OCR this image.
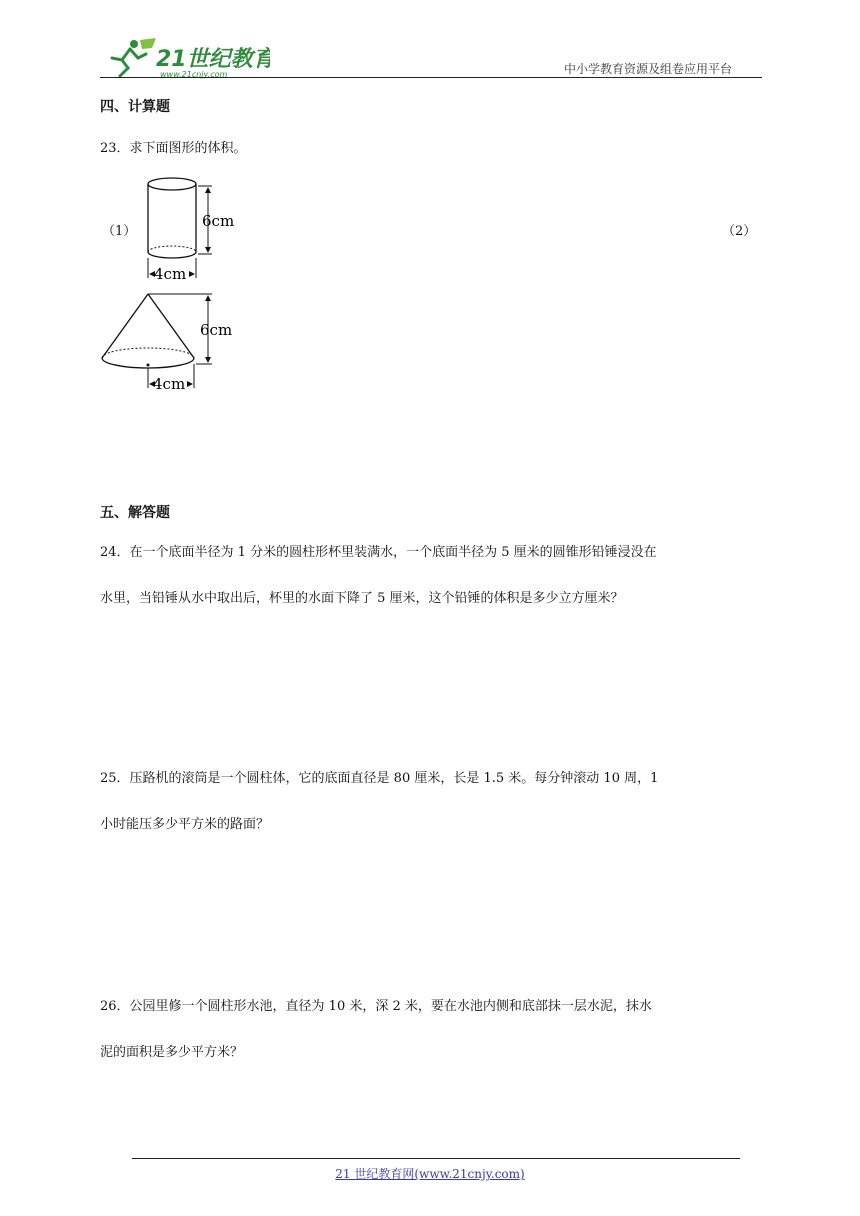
21世纪教育
www.21cnjy.com	中小学教育资源及组卷应用平台
四、计算题
23．求下面图形的体积。
（1）	（2）
6cm
4cm
6cm
4cm
五、解答题
24．在一个底面半径为 1 分米的圆柱形杯里装满水，一个底面半径为 5 厘米的圆锥形铅锤浸没在
水里，当铅锤从水中取出后，杯里的水面下降了 5 厘米，这个铅锤的体积是多少立方厘米？
25．压路机的滚筒是一个圆柱体，它的底面直径是 80 厘米，长是 1.5 米。每分钟滚动 10 周，1
小时能压多少平方米的路面？
26．公园里修一个圆柱形水池，直径为 10 米，深 2 米，要在水池内侧和底部抹一层水泥，抹水
泥的面积是多少平方米？
21 世纪教育网(www.21cnjy.com)
